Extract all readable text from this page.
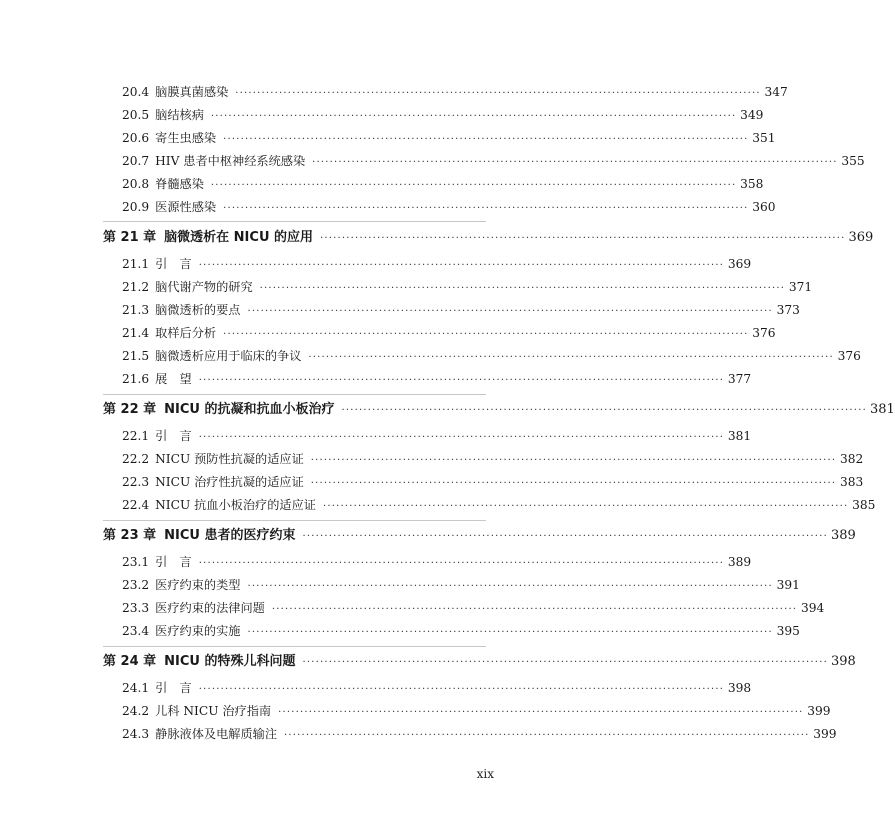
20.4 脑膜真菌感染 ························································································································ 347
20.5 脑结核病 ························································································································ 349
20.6 寄生虫感染 ························································································································ 351
20.7 HIV 患者中枢神经系统感染 ························································································································ 355
20.8 脊髓感染 ························································································································ 358
20.9 医源性感染 ························································································································ 360
第 21 章 脑微透析在 NICU 的应用 ························································································································ 369
21.1 引　言 ························································································································ 369
21.2 脑代谢产物的研究 ························································································································ 371
21.3 脑微透析的要点 ························································································································ 373
21.4 取样后分析 ························································································································ 376
21.5 脑微透析应用于临床的争议 ························································································································ 376
21.6 展　望 ························································································································ 377
第 22 章 NICU 的抗凝和抗血小板治疗 ························································································································ 381
22.1 引　言 ························································································································ 381
22.2 NICU 预防性抗凝的适应证 ························································································································ 382
22.3 NICU 治疗性抗凝的适应证 ························································································································ 383
22.4 NICU 抗血小板治疗的适应证 ························································································································ 385
第 23 章 NICU 患者的医疗约束 ························································································································ 389
23.1 引　言 ························································································································ 389
23.2 医疗约束的类型 ························································································································ 391
23.3 医疗约束的法律问题 ························································································································ 394
23.4 医疗约束的实施 ························································································································ 395
第 24 章 NICU 的特殊儿科问题 ························································································································ 398
24.1 引　言 ························································································································ 398
24.2 儿科 NICU 治疗指南 ························································································································ 399
24.3 静脉液体及电解质输注 ························································································································ 399
xix
